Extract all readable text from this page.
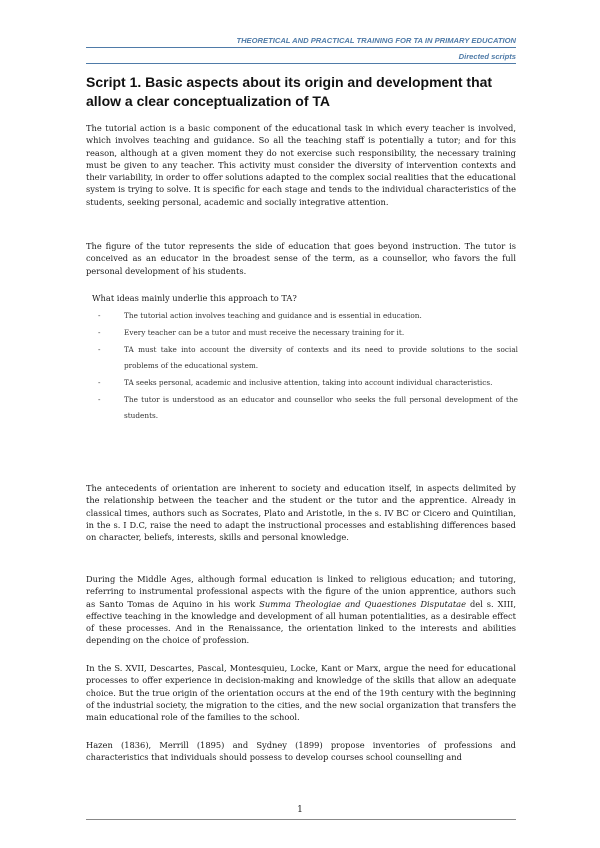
THEORETICAL AND PRACTICAL TRAINING FOR TA IN PRIMARY EDUCATION
Directed scripts
Script 1. Basic aspects about its origin and development that allow a clear conceptualization of TA

The tutorial action is a basic component of the educational task in which every teacher is involved, which involves teaching and guidance. So all the teaching staff is potentially a tutor; and for this reason, although at a given moment they do not exercise such responsibility, the necessary training must be given to any teacher. This activity must consider the diversity of intervention contexts and their variability, in order to offer solutions adapted to the complex social realities that the educational system is trying to solve. It is specific for each stage and tends to the individual characteristics of the students, seeking personal, academic and socially integrative attention.

The figure of the tutor represents the side of education that goes beyond instruction. The tutor is conceived as an educator in the broadest sense of the term, as a counsellor, who favors the full personal development of his students.

What ideas mainly underlie this approach to TA?

-	The tutorial action involves teaching and guidance and is essential in education.
-	Every teacher can be a tutor and must receive the necessary training for it.
-	TA must take into account the diversity of contexts and its need to provide solutions to the social problems of the educational system.
-	TA seeks personal, academic and inclusive attention, taking into account individual characteristics.
-	The tutor is understood as an educator and counsellor who seeks the full personal development of the students.

The antecedents of orientation are inherent to society and education itself, in aspects delimited by the relationship between the teacher and the student or the tutor and the apprentice. Already in classical times, authors such as Socrates, Plato and Aristotle, in the s. IV BC or Cicero and Quintilian, in the s. I D.C, raise the need to adapt the instructional processes and establishing differences based on character, beliefs, interests, skills and personal knowledge.

During the Middle Ages, although formal education is linked to religious education; and tutoring, referring to instrumental professional aspects with the figure of the union apprentice, authors such as Santo Tomas de Aquino in his work Summa Theologiae and Quaestiones Disputatae del s. XIII, effective teaching in the knowledge and development of all human potentialities, as a desirable effect of these processes. And in the Renaissance, the orientation linked to the interests and abilities depending on the choice of profession.

In the S. XVII, Descartes, Pascal, Montesquieu, Locke, Kant or Marx, argue the need for educational processes to offer experience in decision-making and knowledge of the skills that allow an adequate choice. But the true origin of the orientation occurs at the end of the 19th century with the beginning of the industrial society, the migration to the cities, and the new social organization that transfers the main educational role of the families to the school.

Hazen (1836), Merrill (1895) and Sydney (1899) propose inventories of professions and characteristics that individuals should possess to develop courses school counselling and

1
